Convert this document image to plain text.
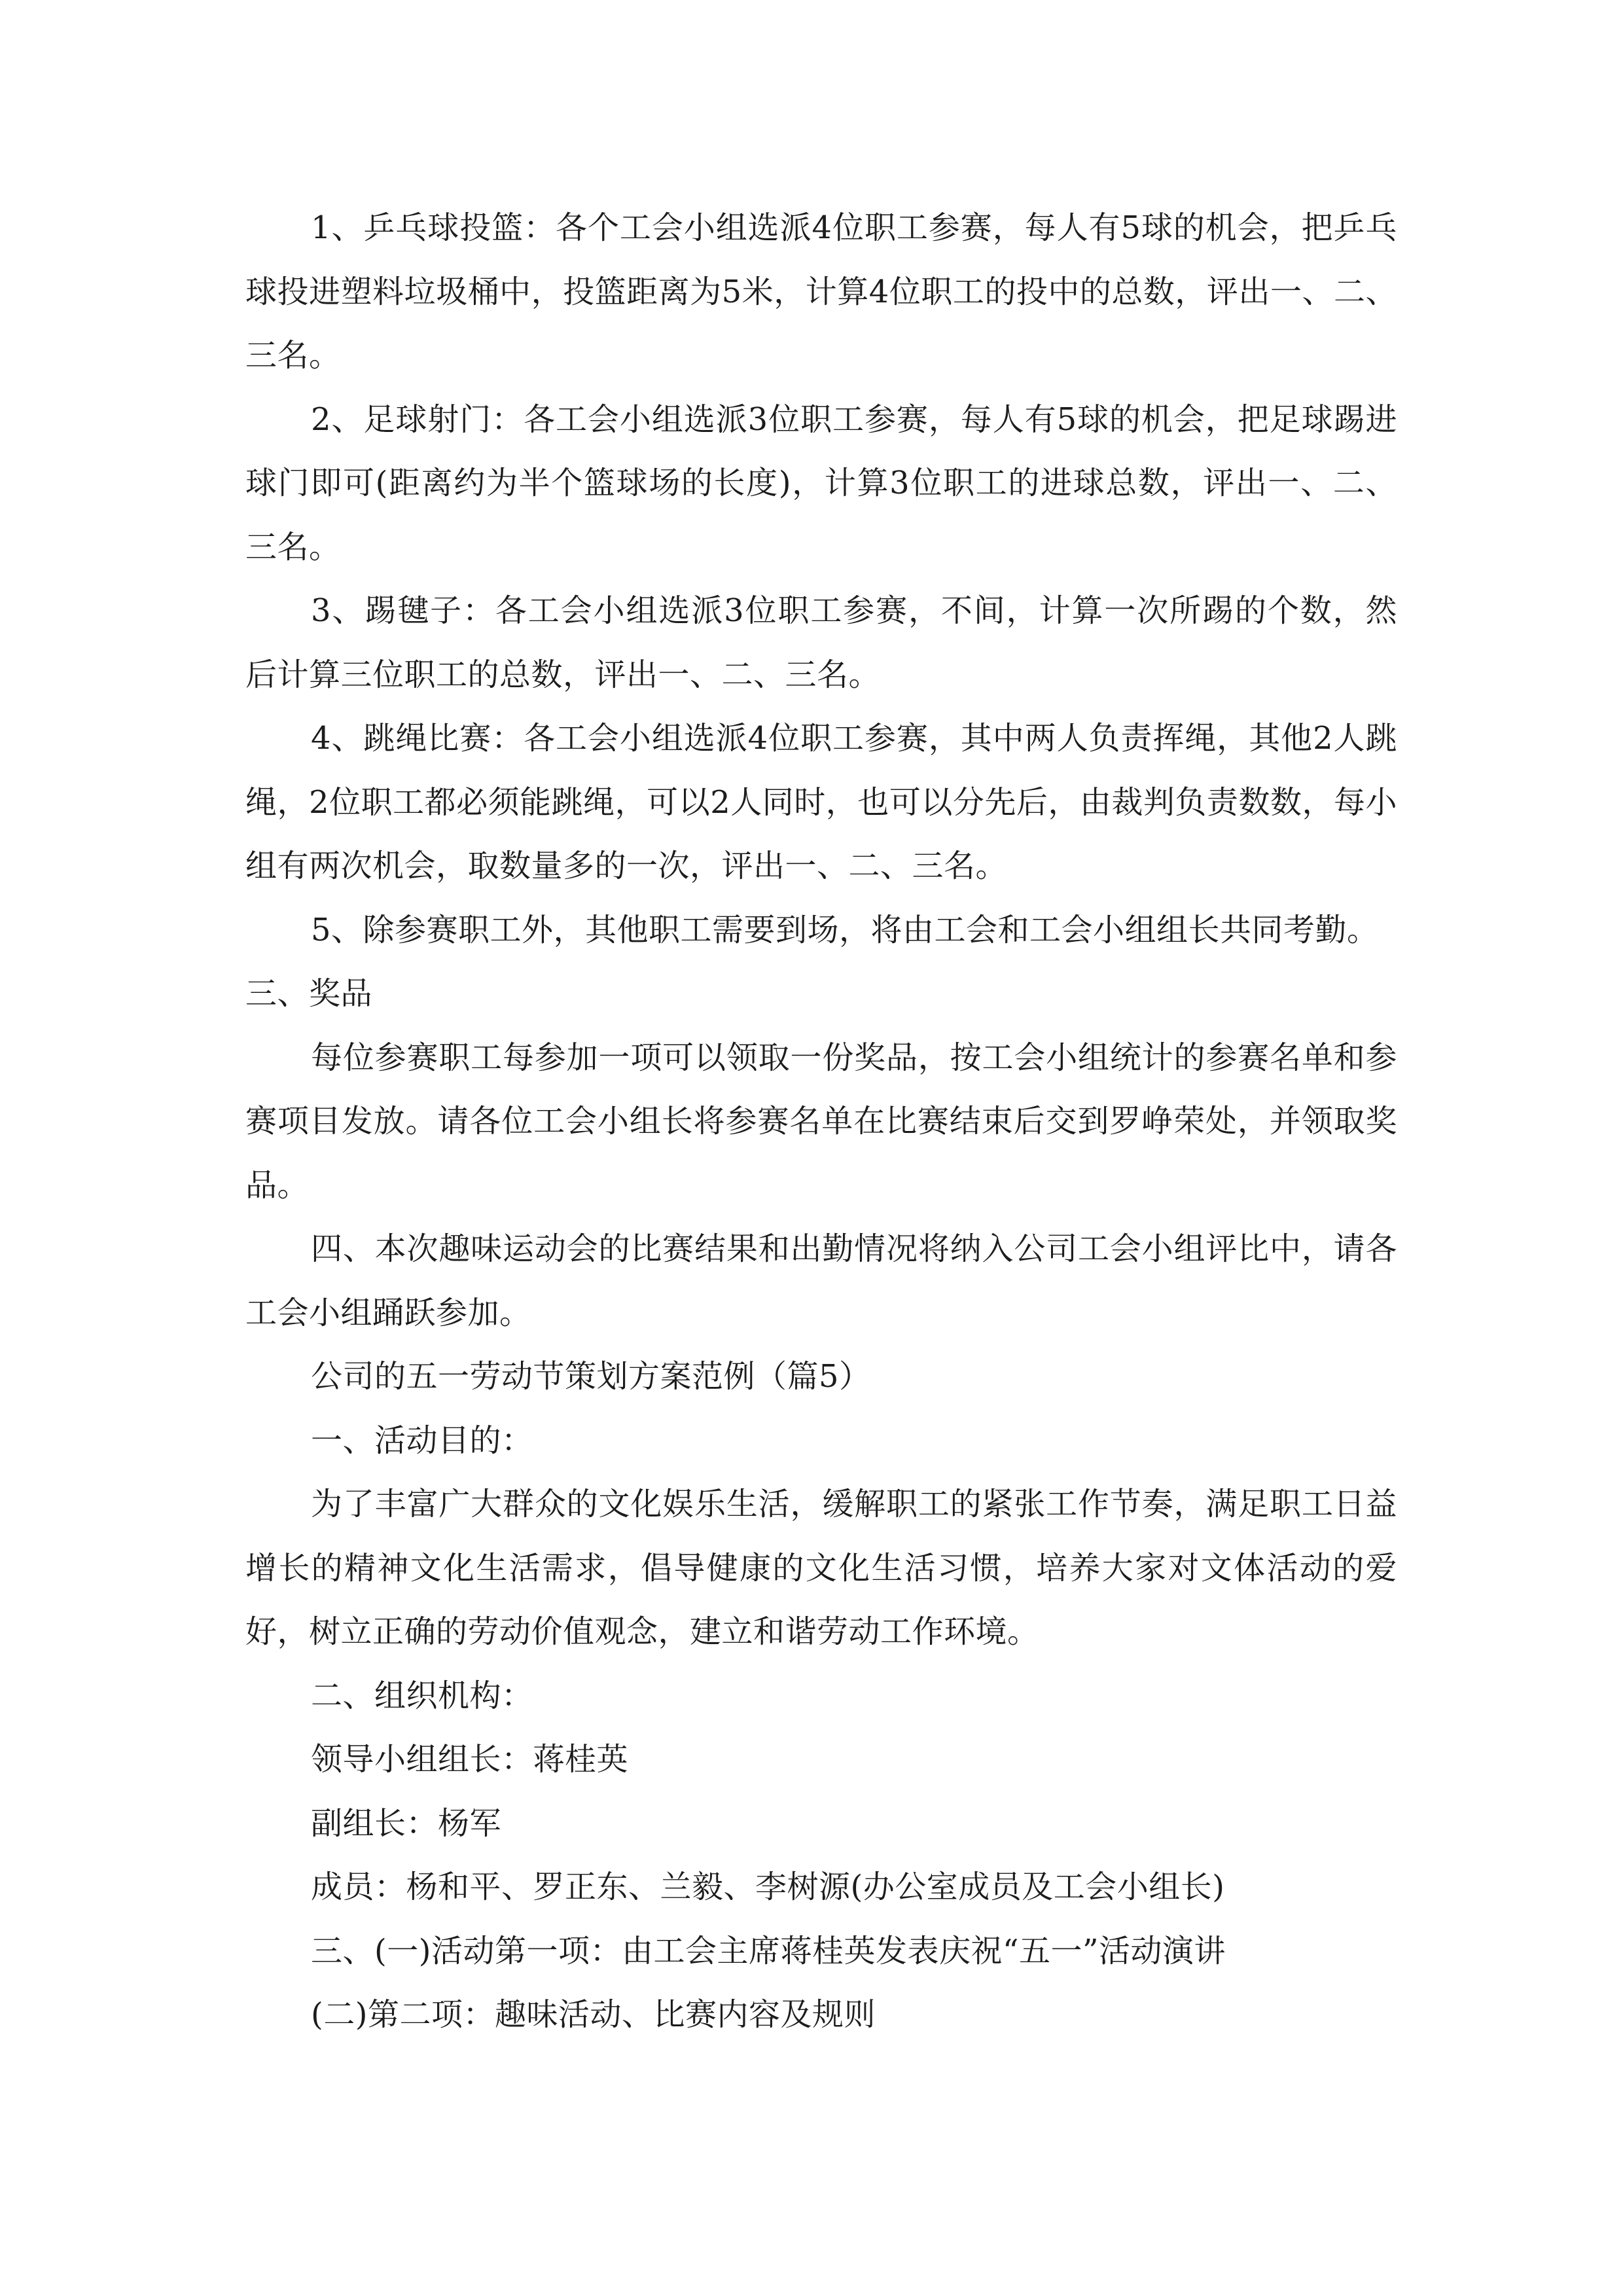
1、乒乓球投篮：各个工会小组选派4位职工参赛，每人有5球的机会，把乒乓球投进塑料垃圾桶中，投篮距离为5米，计算4位职工的投中的总数，评出一、二、三名。

2、足球射门：各工会小组选派3位职工参赛，每人有5球的机会，把足球踢进球门即可(距离约为半个篮球场的长度)，计算3位职工的进球总数，评出一、二、三名。

3、踢毽子：各工会小组选派3位职工参赛，不间，计算一次所踢的个数，然后计算三位职工的总数，评出一、二、三名。

4、跳绳比赛：各工会小组选派4位职工参赛，其中两人负责挥绳，其他2人跳绳，2位职工都必须能跳绳，可以2人同时，也可以分先后，由裁判负责数数，每小组有两次机会，取数量多的一次，评出一、二、三名。

5、除参赛职工外，其他职工需要到场，将由工会和工会小组组长共同考勤。

三、奖品

每位参赛职工每参加一项可以领取一份奖品，按工会小组统计的参赛名单和参赛项目发放。请各位工会小组长将参赛名单在比赛结束后交到罗峥荣处，并领取奖品。

四、本次趣味运动会的比赛结果和出勤情况将纳入公司工会小组评比中，请各工会小组踊跃参加。

公司的五一劳动节策划方案范例（篇5）

一、活动目的：

为了丰富广大群众的文化娱乐生活，缓解职工的紧张工作节奏，满足职工日益增长的精神文化生活需求，倡导健康的文化生活习惯，培养大家对文体活动的爱好，树立正确的劳动价值观念，建立和谐劳动工作环境。

二、组织机构：

领导小组组长：蒋桂英

副组长：杨军

成员：杨和平、罗正东、兰毅、李树源(办公室成员及工会小组长)

三、(一)活动第一项：由工会主席蒋桂英发表庆祝“五一”活动演讲

(二)第二项：趣味活动、比赛内容及规则
